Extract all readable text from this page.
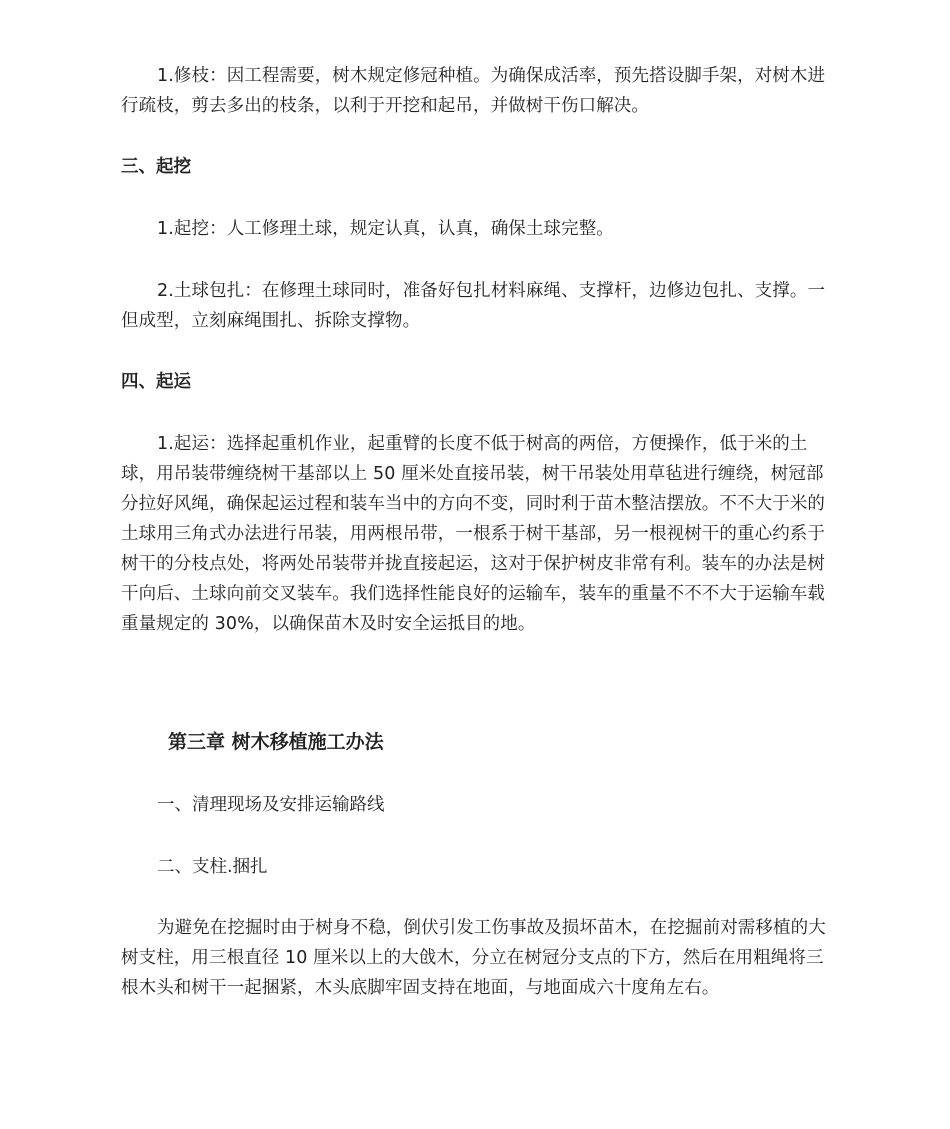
1.修枝：因工程需要，树木规定修冠种植。为确保成活率，预先搭设脚手架，对树木进行疏枝，剪去多出的枝条，以利于开挖和起吊，并做树干伤口解决。

三、起挖

1.起挖：人工修理土球，规定认真，认真，确保土球完整。

2.土球包扎：在修理土球同时，准备好包扎材料麻绳、支撑杆，边修边包扎、支撑。一但成型，立刻麻绳围扎、拆除支撑物。

四、起运

1.起运：选择起重机作业，起重臂的长度不低于树高的两倍，方便操作，低于米的土球，用吊装带缠绕树干基部以上 50 厘米处直接吊装，树干吊装处用草毡进行缠绕，树冠部分拉好风绳，确保起运过程和装车当中的方向不变，同时利于苗木整洁摆放。不不大于米的土球用三角式办法进行吊装，用两根吊带，一根系于树干基部，另一根视树干的重心约系于树干的分枝点处，将两处吊装带并拢直接起运，这对于保护树皮非常有利。装车的办法是树干向后、土球向前交叉装车。我们选择性能良好的运输车，装车的重量不不不大于运输车载重量规定的 30%，以确保苗木及时安全运抵目的地。

第三章 树木移植施工办法

一、清理现场及安排运输路线

二、支柱.捆扎

为避免在挖掘时由于树身不稳，倒伏引发工伤事故及损坏苗木，在挖掘前对需移植的大树支柱，用三根直径 10 厘米以上的大戗木，分立在树冠分支点的下方，然后在用粗绳将三根木头和树干一起捆紧，木头底脚牢固支持在地面，与地面成六十度角左右。
